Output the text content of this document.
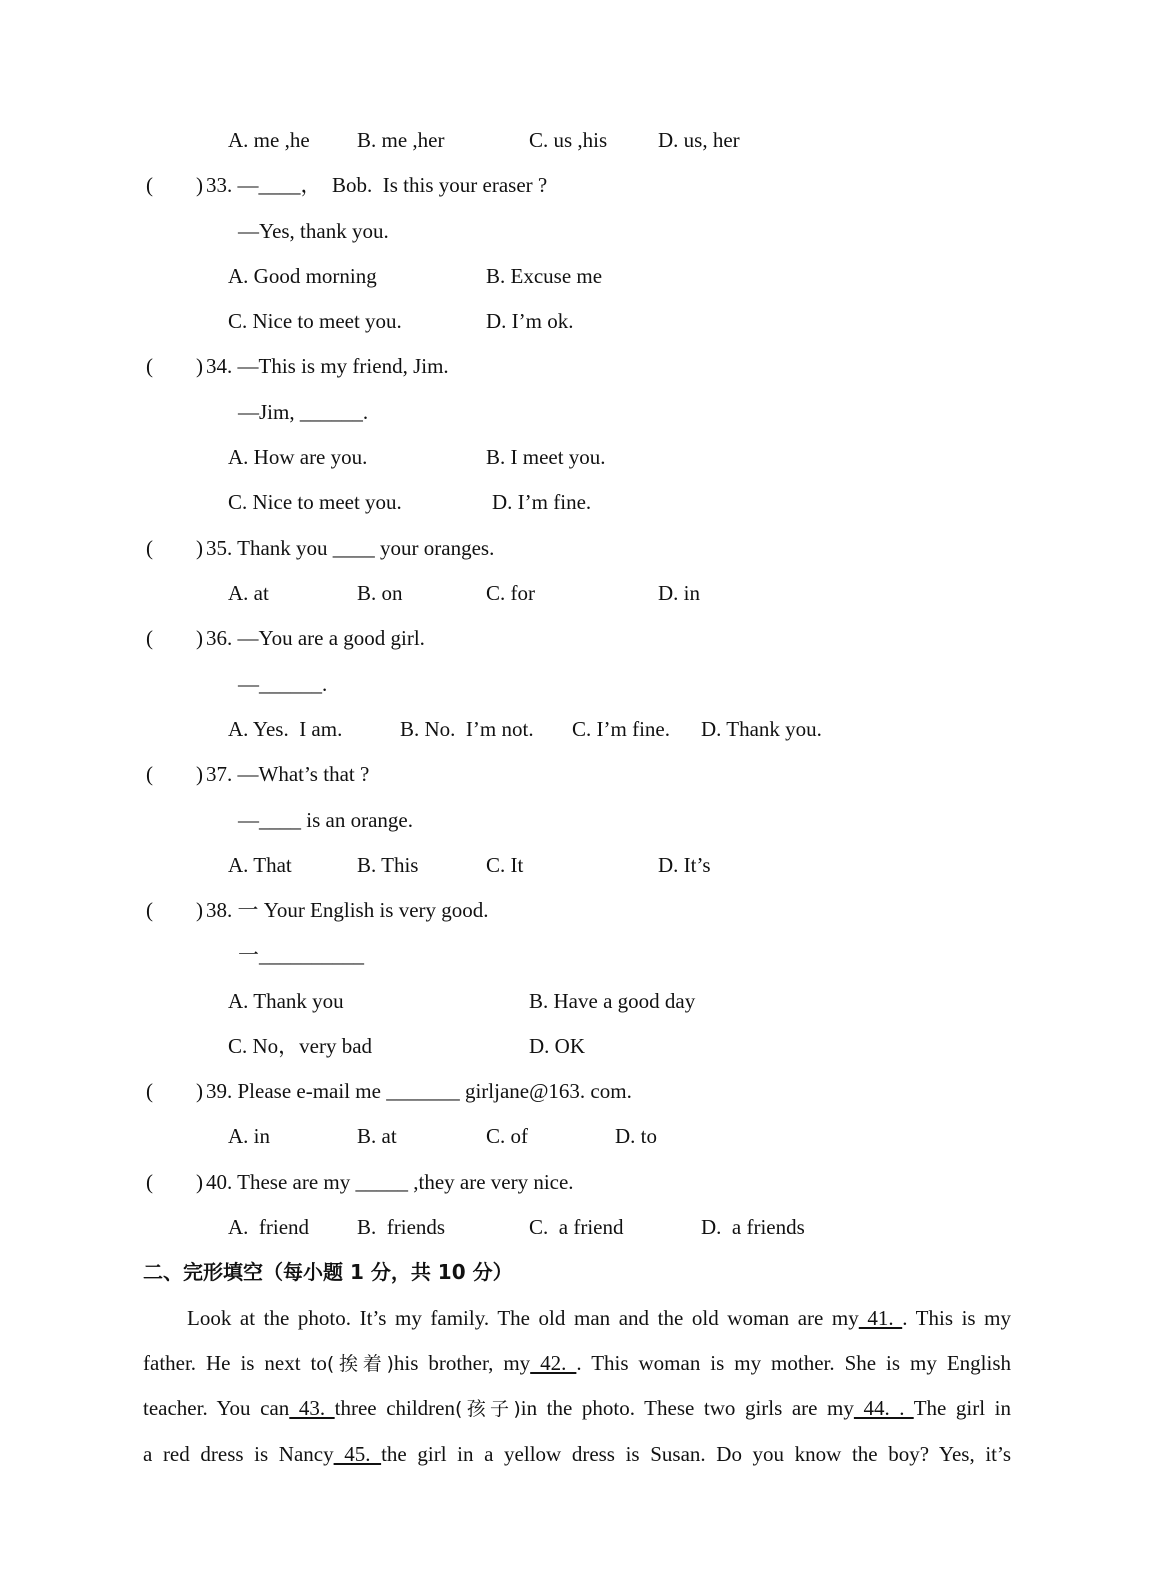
A. me ,he B. me ,her	C. us ,his D. us, her
( ) 33. —____，  Bob.  Is this your eraser ?
—Yes, thank you.
A. Good morning	B. Excuse me
C. Nice to meet you.	D. I’m ok.
( ) 34. —This is my friend, Jim.
—Jim, ______.
A. How are you.	B. I meet you.
C. Nice to meet you.	D. I’m fine.
( ) 35. Thank you ____ your oranges.
A. at	B. on	C. for	D. in
( ) 36. —You are a good girl.
—______.
A. Yes.  I am.	B. No.  I’m not. C. I’m fine. D. Thank you.
( ) 37. —What’s that ?
—____ is an orange.
A. That	B. This	C. It	D. It’s
( ) 38. 一 Your English is very good.
一__________
A. Thank you	B. Have a good day
C. No，very bad	D. OK
( ) 39. Please e-mail me _______ girljane@163. com.
A. in	B. at	C. of	D. to
( ) 40. These are my _____ ,they are very nice.
A.  friend B.  friends	C.  a friend	D.  a friends
二、完形填空（每小题 1 分，共 10 分）
Look at the photo. It’s my family. The old man and the old woman are my 41. . This is my
father. He is next to(挨着)his brother, my 42. . This woman is my mother. She is my English
teacher. You can 43. three children(孩子)in the photo. These two girls are my 44. . The girl in
a red dress is Nancy 45. the girl in a yellow dress is Susan. Do you know the boy? Yes, it’s
